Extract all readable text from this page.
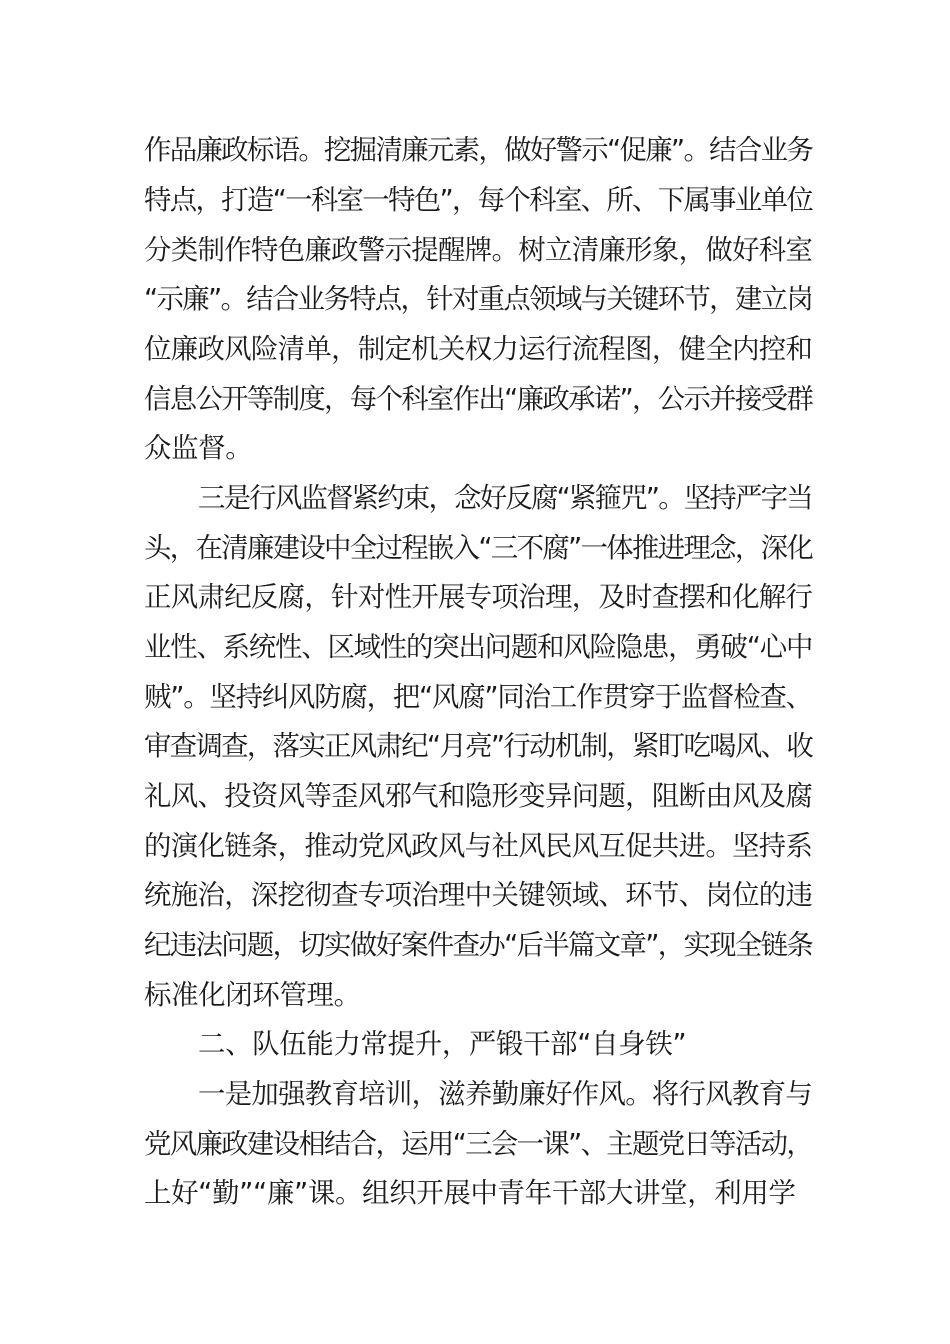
作品廉政标语。挖掘清廉元素，做好警示“促廉”。结合业务
特点，打造“一科室一特色”，每个科室、所、下属事业单位
分类制作特色廉政警示提醒牌。树立清廉形象，做好科室
“示廉”。结合业务特点，针对重点领域与关键环节，建立岗
位廉政风险清单，制定机关权力运行流程图，健全内控和
信息公开等制度，每个科室作出“廉政承诺”，公示并接受群
众监督。
三是行风监督紧约束，念好反腐“紧箍咒”。坚持严字当
头，在清廉建设中全过程嵌入“三不腐”一体推进理念，深化
正风肃纪反腐，针对性开展专项治理，及时查摆和化解行
业性、系统性、区域性的突出问题和风险隐患，勇破“心中
贼”。坚持纠风防腐，把“风腐”同治工作贯穿于监督检查、
审查调查，落实正风肃纪“月亮”行动机制，紧盯吃喝风、收
礼风、投资风等歪风邪气和隐形变异问题，阻断由风及腐
的演化链条，推动党风政风与社风民风互促共进。坚持系
统施治，深挖彻查专项治理中关键领域、环节、岗位的违
纪违法问题，切实做好案件查办“后半篇文章”，实现全链条
标准化闭环管理。
二、队伍能力常提升，严锻干部“自身铁”
一是加强教育培训，滋养勤廉好作风。将行风教育与
党风廉政建设相结合，运用“三会一课”、主题党日等活动，
上好“勤”“廉”课。组织开展中青年干部大讲堂，利用学
